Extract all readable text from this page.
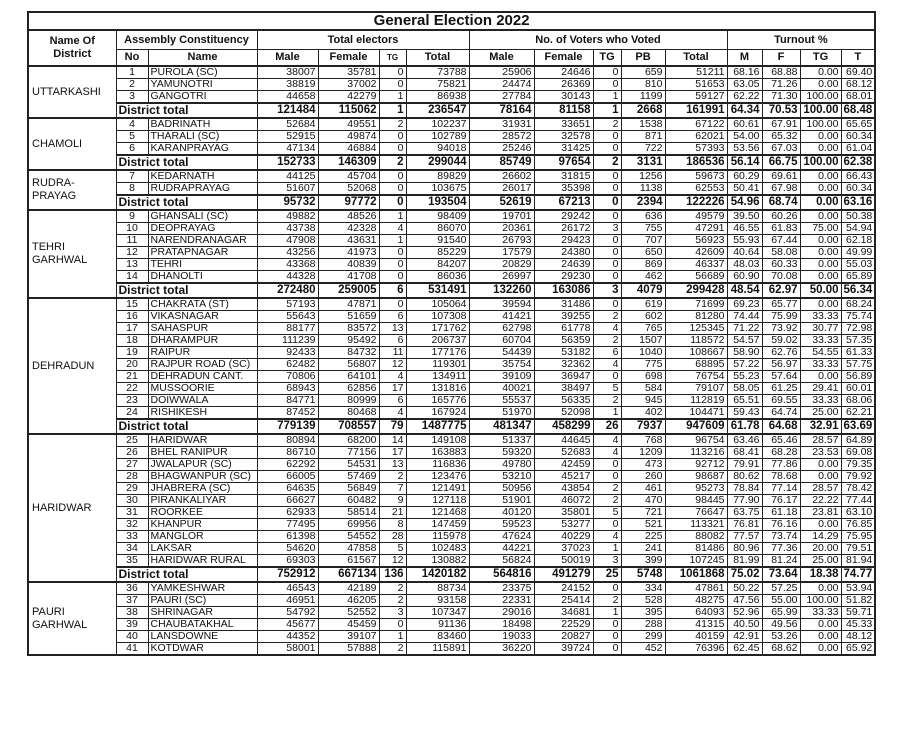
General Election 2022															
Name Of District	Assembly Constituency		Total electors				No. of Voters who Voted					Turnout %			
	No	Name	Male	Female	TG	Total	Male	Female	TG	PB	Total	M	F	TG	T
UTTARKASHI	1	PUROLA (SC)	38007	35781	0	73788	25906	24646	0	659	51211	68.16	68.88	0.00	69.40
	2	YAMUNOTRI	38819	37002	0	75821	24474	26369	0	810	51653	63.05	71.26	0.00	68.12
	3	GANGOTRI	44658	42279	1	86938	27784	30143	1	1199	59127	62.22	71.30	100.00	68.01
	District total		121484	115062	1	236547	78164	81158	1	2668	161991	64.34	70.53	100.00	68.48
CHAMOLI	4	BADRINATH	52684	49551	2	102237	31931	33651	2	1538	67122	60.61	67.91	100.00	65.65
	5	THARALI (SC)	52915	49874	0	102789	28572	32578	0	871	62021	54.00	65.32	0.00	60.34
	6	KARANPRAYAG	47134	46884	0	94018	25246	31425	0	722	57393	53.56	67.03	0.00	61.04
	District total		152733	146309	2	299044	85749	97654	2	3131	186536	56.14	66.75	100.00	62.38
RUDRA-PRAYAG	7	KEDARNATH	44125	45704	0	89829	26602	31815	0	1256	59673	60.29	69.61	0.00	66.43
	8	RUDRAPRAYAG	51607	52068	0	103675	26017	35398	0	1138	62553	50.41	67.98	0.00	60.34
	District total		95732	97772	0	193504	52619	67213	0	2394	122226	54.96	68.74	0.00	63.16
TEHRI GARHWAL	9	GHANSALI (SC)	49882	48526	1	98409	19701	29242	0	636	49579	39.50	60.26	0.00	50.38
	10	DEOPRAYAG	43738	42328	4	86070	20361	26172	3	755	47291	46.55	61.83	75.00	54.94
	11	NARENDRANAGAR	47908	43631	1	91540	26793	29423	0	707	56923	55.93	67.44	0.00	62.18
	12	PRATAPNAGAR	43256	41973	0	85229	17579	24380	0	650	42609	40.64	58.08	0.00	49.99
	13	TEHRI	43368	40839	0	84207	20829	24639	0	869	46337	48.03	60.33	0.00	55.03
	14	DHANOLTI	44328	41708	0	86036	26997	29230	0	462	56689	60.90	70.08	0.00	65.89
	District total		272480	259005	6	531491	132260	163086	3	4079	299428	48.54	62.97	50.00	56.34
DEHRADUN	15	CHAKRATA (ST)	57193	47871	0	105064	39594	31486	0	619	71699	69.23	65.77	0.00	68.24
	16	VIKASNAGAR	55643	51659	6	107308	41421	39255	2	602	81280	74.44	75.99	33.33	75.74
	17	SAHASPUR	88177	83572	13	171762	62798	61778	4	765	125345	71.22	73.92	30.77	72.98
	18	DHARAMPUR	111239	95492	6	206737	60704	56359	2	1507	118572	54.57	59.02	33.33	57.35
	19	RAIPUR	92433	84732	11	177176	54439	53182	6	1040	108667	58.90	62.76	54.55	61.33
	20	RAJPUR ROAD (SC)	62482	56807	12	119301	35754	32362	4	775	68895	57.22	56.97	33.33	57.75
	21	DEHRADUN CANT.	70806	64101	4	134911	39109	36947	0	698	76754	55.23	57.64	0.00	56.89
	22	MUSSOORIE	68943	62856	17	131816	40021	38497	5	584	79107	58.05	61.25	29.41	60.01
	23	DOIWWALA	84771	80999	6	165776	55537	56335	2	945	112819	65.51	69.55	33.33	68.06
	24	RISHIKESH	87452	80468	4	167924	51970	52098	1	402	104471	59.43	64.74	25.00	62.21
	District total		779139	708557	79	1487775	481347	458299	26	7937	947609	61.78	64.68	32.91	63.69
HARIDWAR	25	HARIDWAR	80894	68200	14	149108	51337	44645	4	768	96754	63.46	65.46	28.57	64.89
	26	BHEL RANIPUR	86710	77156	17	163883	59320	52683	4	1209	113216	68.41	68.28	23.53	69.08
	27	JWALAPUR (SC)	62292	54531	13	116836	49780	42459	0	473	92712	79.91	77.86	0.00	79.35
	28	BHAGWANPUR (SC)	66005	57469	2	123476	53210	45217	0	260	98687	80.62	78.68	0.00	79.92
	29	JHABRERA (SC)	64635	56849	7	121491	50956	43854	2	461	95273	78.84	77.14	28.57	78.42
	30	PIRANKALIYAR	66627	60482	9	127118	51901	46072	2	470	98445	77.90	76.17	22.22	77.44
	31	ROORKEE	62933	58514	21	121468	40120	35801	5	721	76647	63.75	61.18	23.81	63.10
	32	KHANPUR	77495	69956	8	147459	59523	53277	0	521	113321	76.81	76.16	0.00	76.85
	33	MANGLOR	61398	54552	28	115978	47624	40229	4	225	88082	77.57	73.74	14.29	75.95
	34	LAKSAR	54620	47858	5	102483	44221	37023	1	241	81486	80.96	77.36	20.00	79.51
	35	HARIDWAR RURAL	69303	61567	12	130882	56824	50019	3	399	107245	81.99	81.24	25.00	81.94
	District total		752912	667134	136	1420182	564816	491279	25	5748	1061868	75.02	73.64	18.38	74.77
PAURI GARHWAL	36	YAMKESHWAR	46543	42189	2	88734	23375	24152	0	334	47861	50.22	57.25	0.00	53.94
	37	PAURI (SC)	46951	46205	2	93158	22331	25414	2	528	48275	47.56	55.00	100.00	51.82
	38	SHRINAGAR	54792	52552	3	107347	29016	34681	1	395	64093	52.96	65.99	33.33	59.71
	39	CHAUBATAKHAL	45677	45459	0	91136	18498	22529	0	288	41315	40.50	49.56	0.00	45.33
	40	LANSDOWNE	44352	39107	1	83460	19033	20827	0	299	40159	42.91	53.26	0.00	48.12
	41	KOTDWAR	58001	57888	2	115891	36220	39724	0	452	76396	62.45	68.62	0.00	65.92
